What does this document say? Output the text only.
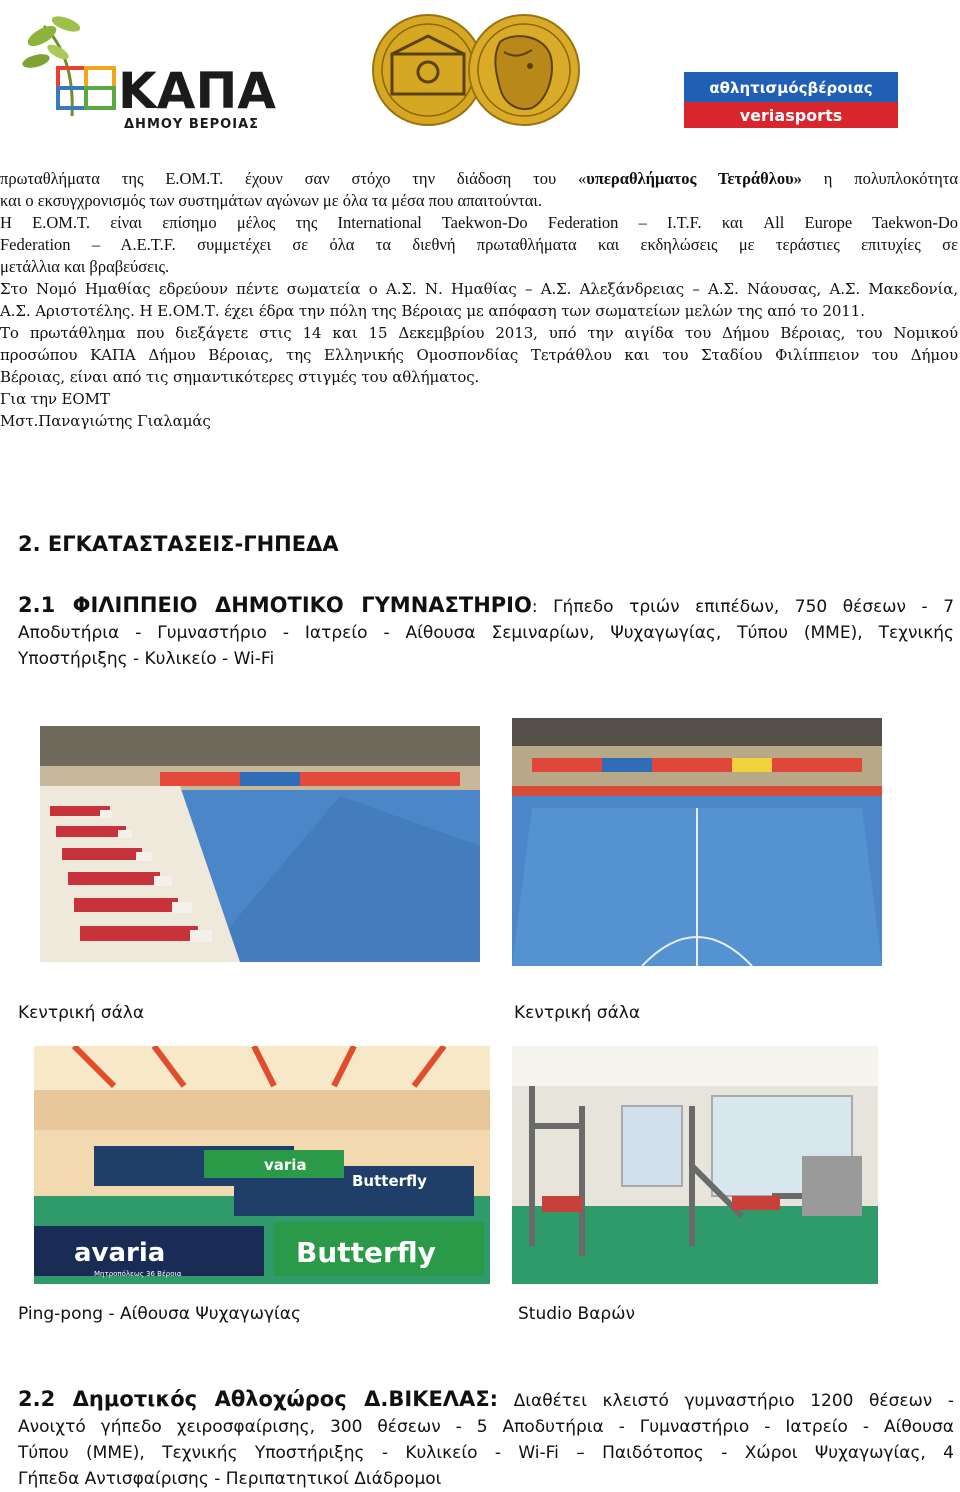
ΚΑΠΑ
ΔΗΜΟΥ ΒΕΡΟΙΑΣ
αθλητισμόςβέροιας
veriasports

πρωταθλήματα της Ε.ΟΜ.Τ. έχουν σαν στόχο την διάδοση του «υπεραθλήματος Τετράθλου» η πολυπλοκότητα

και ο εκσυγχρονισμός των συστημάτων αγώνων με όλα τα μέσα που απαιτούνται.

Η Ε.ΟΜ.Τ. είναι επίσημο μέλος της International Taekwon-Do Federation – I.T.F. και All Europe Taekwon-Do

Federation – A.E.T.F. συμμετέχει σε όλα τα διεθνή πρωταθλήματα και εκδηλώσεις με τεράστιες επιτυχίες σε

μετάλλια και βραβεύσεις.

Στο Νομό Ημαθίας εδρεύουν πέντε σωματεία ο Α.Σ. Ν. Ημαθίας – Α.Σ. Αλεξάνδρειας – Α.Σ. Νάουσας, Α.Σ. Μακεδονία,

Α.Σ. Αριστοτέλης. Η Ε.ΟΜ.Τ. έχει έδρα την πόλη της Βέροιας με απόφαση των σωματείων μελών της από το 2011.

Το πρωτάθλημα που διεξάγετε στις 14 και 15 Δεκεμβρίου 2013, υπό την αιγίδα του Δήμου Βέροιας, του Νομικού

προσώπου ΚΑΠΑ Δήμου Βέροιας, της Ελληνικής Ομοσπονδίας Τετράθλου και του Σταδίου Φιλίππειον του Δήμου

Βέροιας, είναι από τις σημαντικότερες στιγμές του αθλήματος.

Για την ΕΟΜΤ

Μστ.Παναγιώτης Γιαλαμάς

2. ΕΓΚΑΤΑΣΤΑΣΕΙΣ-ΓΗΠΕΔΑ
2.1 ΦΙΛΙΠΠΕΙΟ ΔΗΜΟΤΙΚΟ ΓΥΜΝΑΣΤΗΡΙΟ: Γήπεδο τριών επιπέδων, 750 θέσεων - 7
Αποδυτήρια - Γυμναστήριο - Ιατρείο - Αίθουσα Σεμιναρίων, Ψυχαγωγίας, Τύπου (ΜΜΕ), Τεχνικής
Υποστήριξης - Κυλικείο - Wi-Fi
Κεντρική σάλα	Κεντρική σάλα
varia
Butterfly
avaria	Butterfly
Μητροπόλεως 36 Βέροια
Ping-pong - Αίθουσα Ψυχαγωγίας	Studio Βαρών
2.2 Δημοτικός Αθλοχώρος Δ.ΒΙΚΕΛΑΣ: Διαθέτει κλειστό γυμναστήριο 1200 θέσεων -
Ανοιχτό γήπεδο χειροσφαίρισης, 300 θέσεων - 5 Αποδυτήρια - Γυμναστήριο - Ιατρείο - Αίθουσα
Τύπου (ΜΜΕ), Τεχνικής Υποστήριξης - Κυλικείο - Wi-Fi – Παιδότοπος - Χώροι Ψυχαγωγίας, 4
Γήπεδα Αντισφαίρισης - Περιπατητικοί Διάδρομοι
